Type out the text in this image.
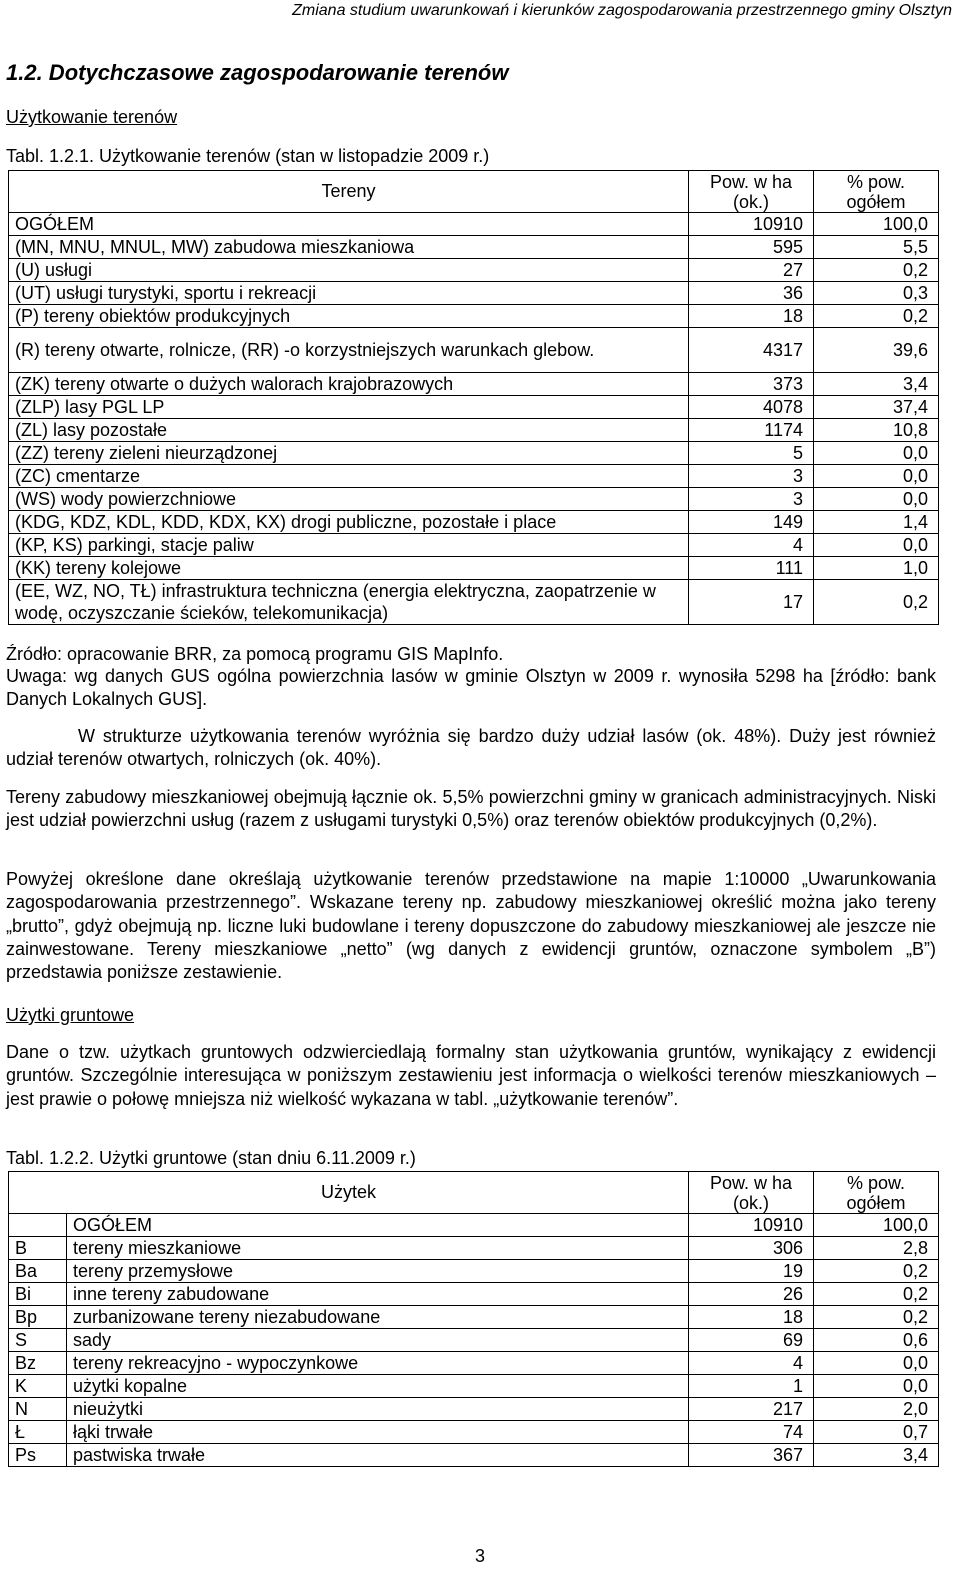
Zmiana studium uwarunkowań i kierunków zagospodarowania przestrzennego gminy Olsztyn
1.2. Dotychczasowe zagospodarowanie terenów
Użytkowanie terenów
Tabl. 1.2.1. Użytkowanie terenów (stan w listopadzie 2009 r.)
Tereny	Pow. w ha (ok.)	% pow. ogółem
OGÓŁEM	10910	100,0
(MN, MNU, MNUL, MW) zabudowa mieszkaniowa	595	5,5
(U) usługi	27	0,2
(UT) usługi turystyki, sportu i rekreacji	36	0,3
(P) tereny obiektów produkcyjnych	18	0,2
(R) tereny otwarte, rolnicze, (RR) -o korzystniejszych warunkach glebow.	4317	39,6
(ZK) tereny otwarte o dużych walorach krajobrazowych	373	3,4
(ZLP) lasy PGL LP	4078	37,4
(ZL) lasy pozostałe	1174	10,8
(ZZ) tereny zieleni nieurządzonej	5	0,0
(ZC) cmentarze	3	0,0
(WS) wody powierzchniowe	3	0,0
(KDG, KDZ, KDL, KDD, KDX, KX) drogi publiczne, pozostałe i place	149	1,4
(KP, KS) parkingi, stacje paliw	4	0,0
(KK) tereny kolejowe	111	1,0
(EE, WZ, NO, TŁ) infrastruktura techniczna (energia elektryczna, zaopatrzenie w wodę, oczyszczanie ścieków, telekomunikacja)	17	0,2
Źródło: opracowanie BRR, za pomocą programu GIS MapInfo.

Uwaga: wg danych GUS ogólna powierzchnia lasów w gminie Olsztyn w 2009 r. wynosiła 5298 ha [źródło: bank Danych Lokalnych GUS].

W strukturze użytkowania terenów wyróżnia się bardzo duży udział lasów (ok. 48%). Duży jest również udział terenów otwartych, rolniczych (ok. 40%).

Tereny zabudowy mieszkaniowej obejmują łącznie ok. 5,5% powierzchni gminy w granicach administracyjnych. Niski jest udział powierzchni usług (razem z usługami turystyki 0,5%) oraz terenów obiektów produkcyjnych (0,2%).

Powyżej określone dane określają użytkowanie terenów przedstawione na mapie 1:10000 „Uwarunkowania zagospodarowania przestrzennego”. Wskazane tereny np. zabudowy mieszkaniowej określić można jako tereny „brutto”, gdyż obejmują np. liczne luki budowlane i tereny dopuszczone do zabudowy mieszkaniowej ale jeszcze nie zainwestowane. Tereny mieszkaniowe „netto” (wg danych z ewidencji gruntów, oznaczone symbolem „B”) przedstawia poniższe zestawienie.

Użytki gruntowe

Dane o tzw. użytkach gruntowych odzwierciedlają formalny stan użytkowania gruntów, wynikający z ewidencji gruntów. Szczególnie interesująca w poniższym zestawieniu jest informacja o wielkości terenów mieszkaniowych – jest prawie o połowę mniejsza niż wielkość wykazana w tabl. „użytkowanie terenów”.

Tabl. 1.2.2. Użytki gruntowe (stan dniu 6.11.2009 r.)
Użytek		Pow. w ha (ok.)	% pow. ogółem
	OGÓŁEM	10910	100,0
B	tereny mieszkaniowe	306	2,8
Ba	tereny przemysłowe	19	0,2
Bi	inne tereny zabudowane	26	0,2
Bp	zurbanizowane tereny niezabudowane	18	0,2
S	sady	69	0,6
Bz	tereny rekreacyjno - wypoczynkowe	4	0,0
K	użytki kopalne	1	0,0
N	nieużytki	217	2,0
Ł	łąki trwałe	74	0,7
Ps	pastwiska trwałe	367	3,4
3
